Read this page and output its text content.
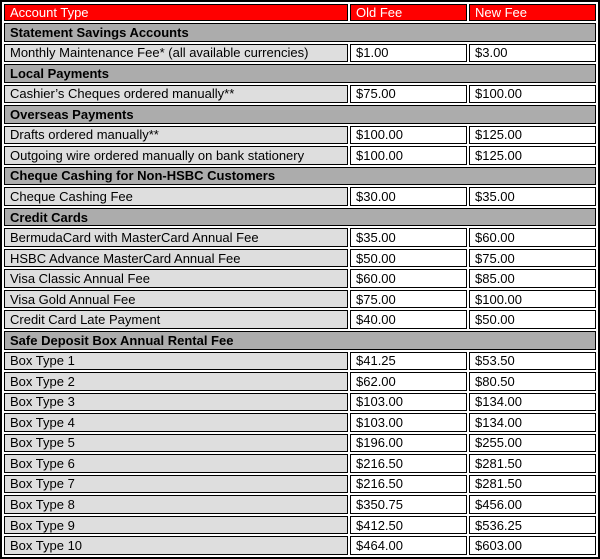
Account Type	Old Fee	New Fee
Statement Savings Accounts		
Monthly Maintenance Fee* (all available currencies)	$1.00	$3.00
Local Payments		
Cashier’s Cheques ordered manually**	$75.00	$100.00
Overseas Payments		
Drafts ordered manually**	$100.00	$125.00
Outgoing wire ordered manually on bank stationery	$100.00	$125.00
Cheque Cashing for Non-HSBC Customers		
Cheque Cashing Fee	$30.00	$35.00
Credit Cards		
BermudaCard with MasterCard Annual Fee	$35.00	$60.00
HSBC Advance MasterCard Annual Fee	$50.00	$75.00
Visa Classic Annual Fee	$60.00	$85.00
Visa Gold Annual Fee	$75.00	$100.00
Credit Card Late Payment	$40.00	$50.00
Safe Deposit Box Annual Rental Fee		
Box Type 1	$41.25	$53.50
Box Type 2	$62.00	$80.50
Box Type 3	$103.00	$134.00
Box Type 4	$103.00	$134.00
Box Type 5	$196.00	$255.00
Box Type 6	$216.50	$281.50
Box Type 7	$216.50	$281.50
Box Type 8	$350.75	$456.00
Box Type 9	$412.50	$536.25
Box Type 10	$464.00	$603.00
